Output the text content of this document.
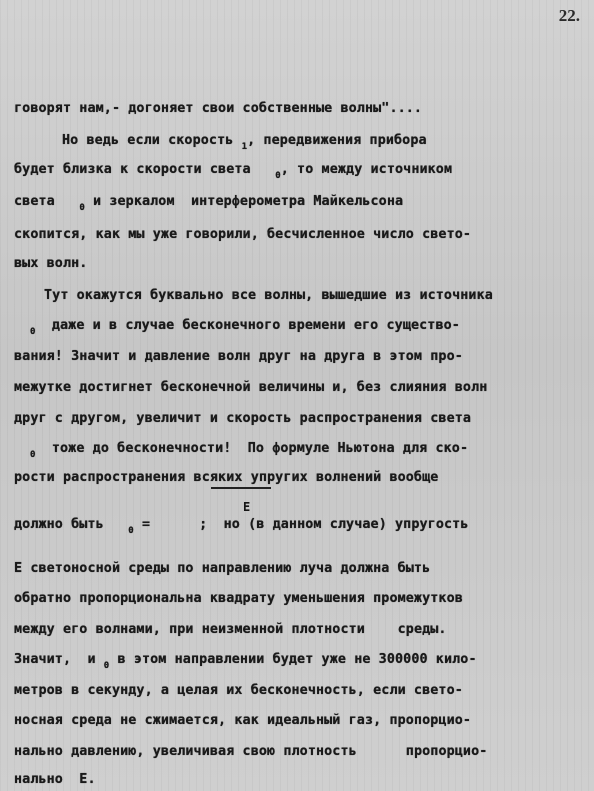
22.
говорят нам,- догоняет свои собственные волны"....
Но ведь если скорость $_1$, передвижения прибора
будет близка к скорости света	$_0$, то между источником
света	$_0$ и зеркалом  интерферометра Майкельсона
скопится, как мы уже говорили, бесчисленное число свето-
вых волн.
Тут окажутся буквально все волны, вышедшие из источника
$_0$ даже и в случае бесконечного времени его существо-
вания! Значит и давление волн друг на друга в этом про-
межутке достигнет бесконечной величины и, без слияния волн
друг с другом, увеличит и скорость распространения света
$_0$ тоже до бесконечности!  По формуле Ньютона для ско-
рости распространения всяких упругих волнений вообще
Е
должно быть	$_0$ =	;  но (в данном случае) упругость
Е светоносной среды по направлению луча должна быть
обратно пропорциональна квадрату уменьшения промежутков
между его волнами, при неизменной плотности среды.
Значит,  и $_0$ в этом направлении будет уже не 300000 кило-
метров в секунду, а целая их бесконечность, если свето-
носная среда не сжимается, как идеальный газ, пропорцио-
нально давлению, увеличивая свою плотность	пропорцио-
нально  Е.
